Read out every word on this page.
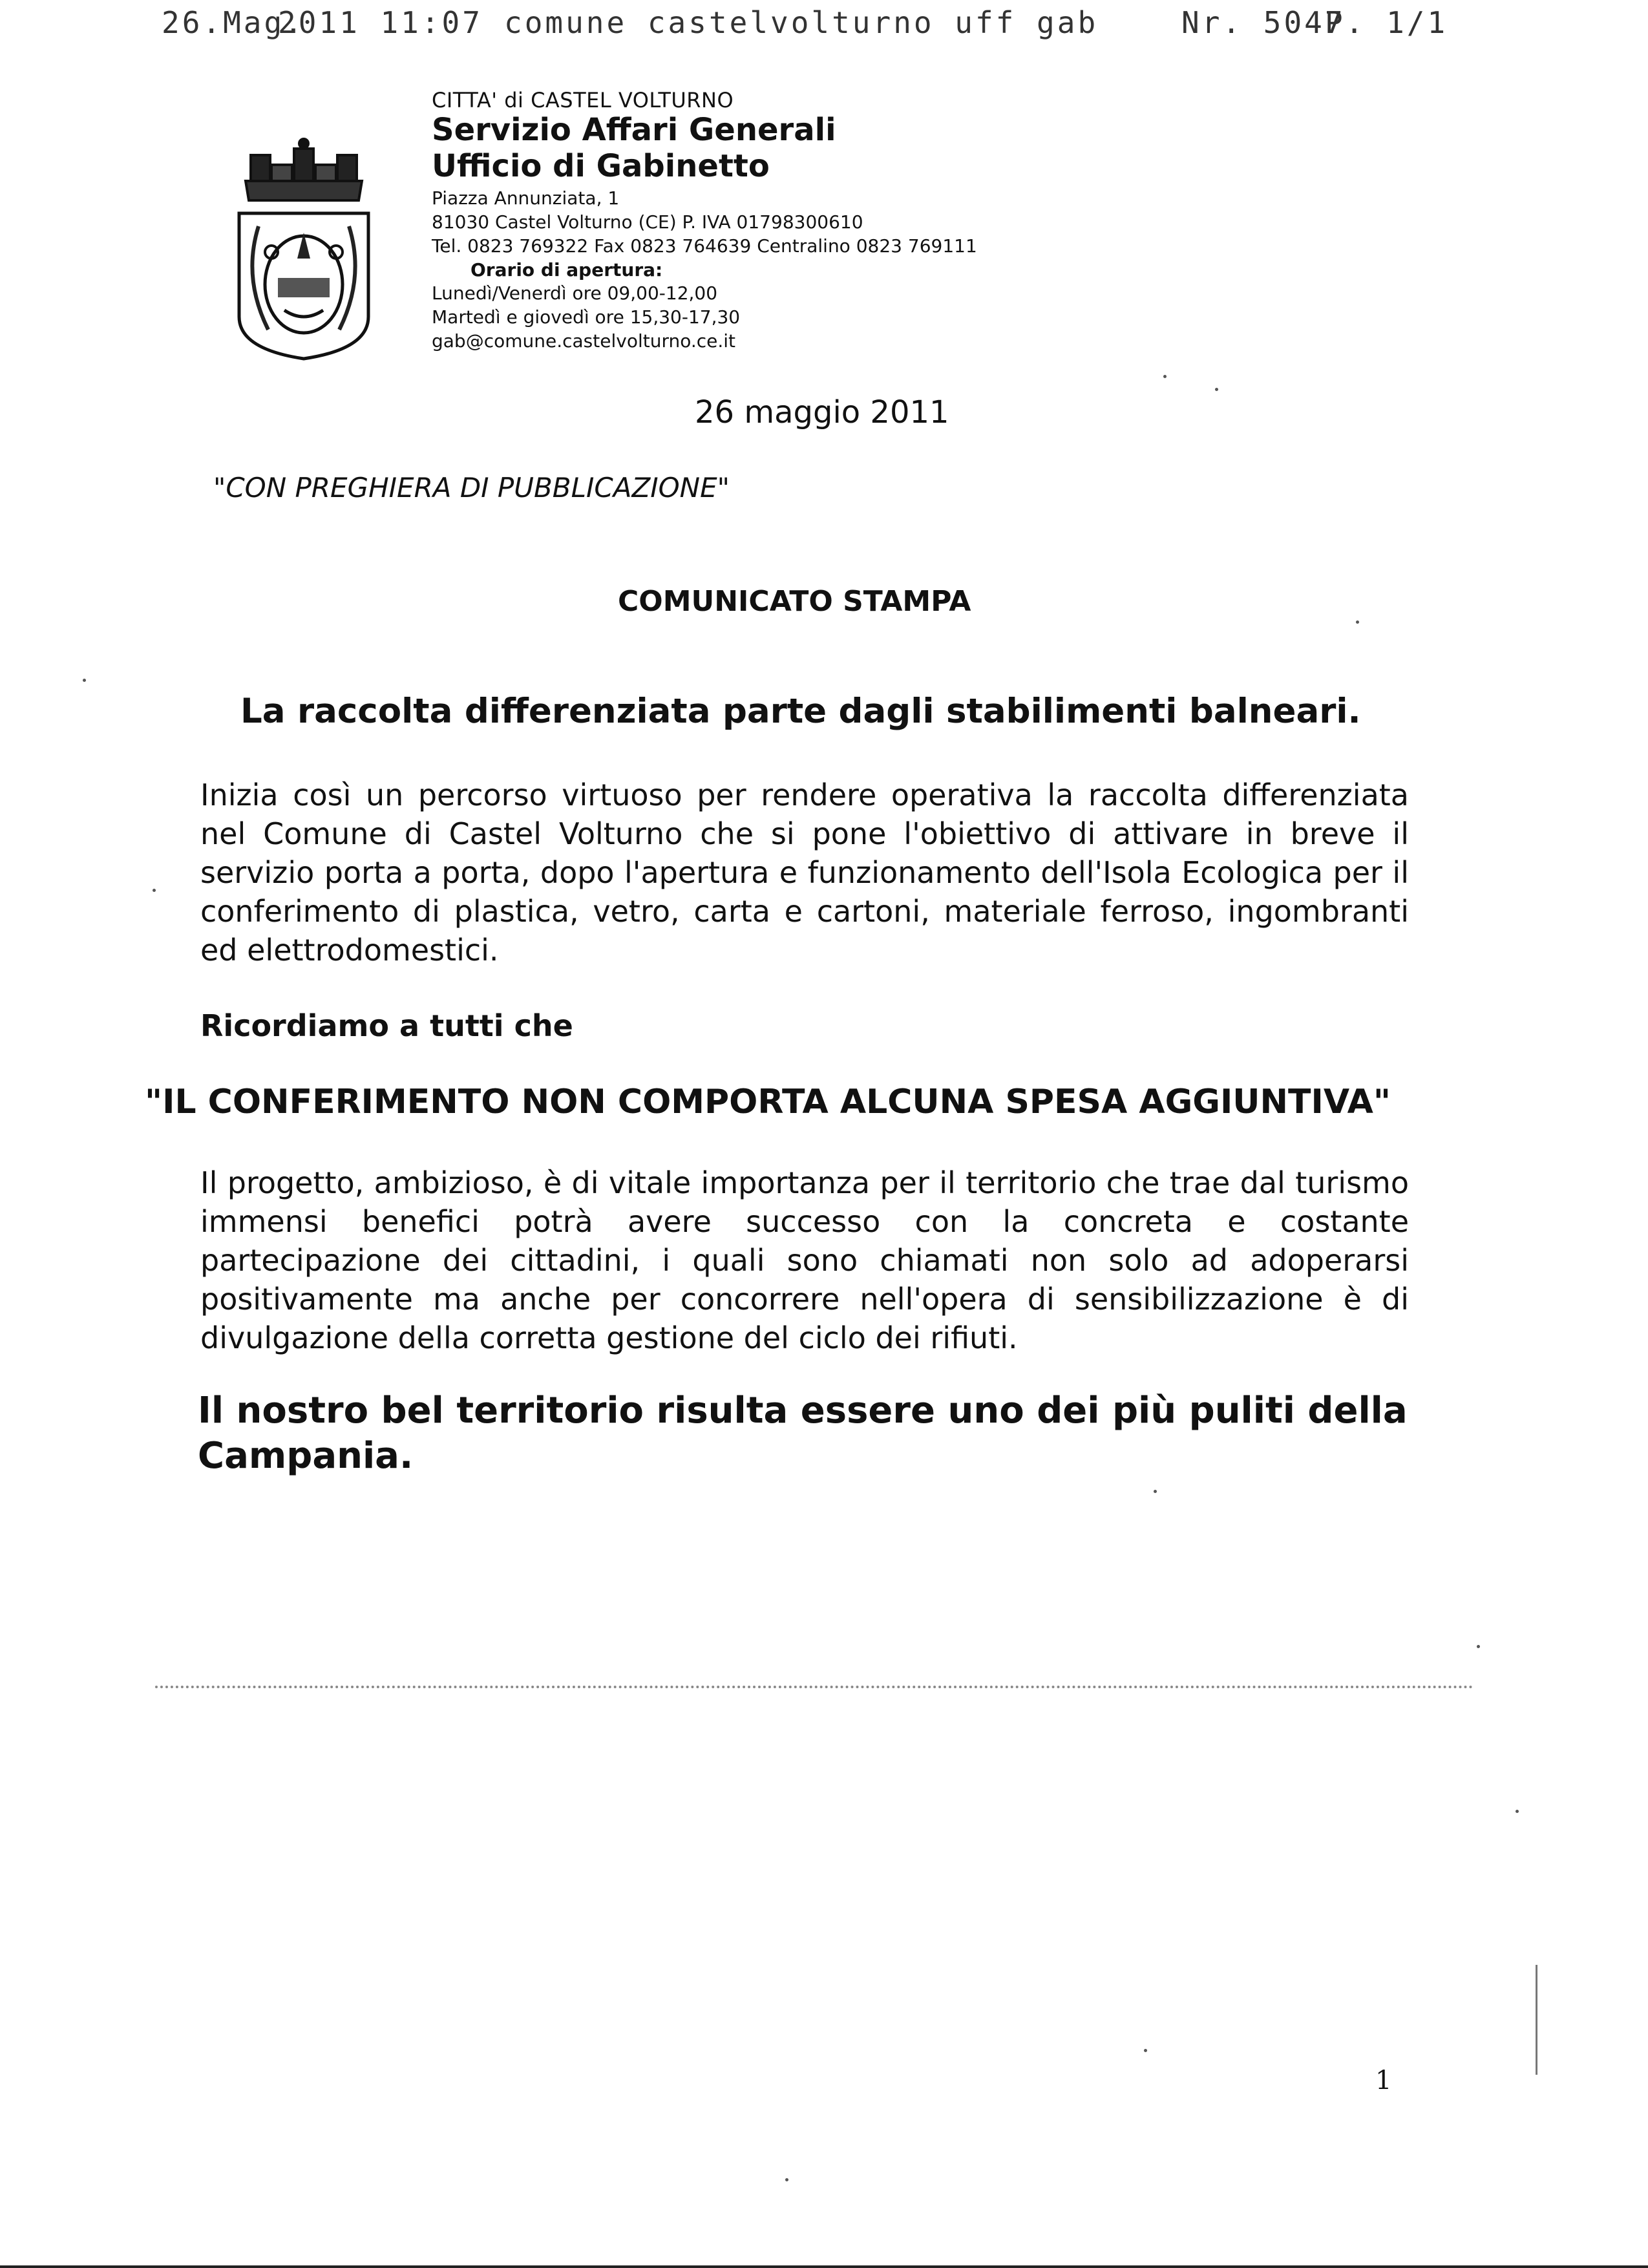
26.Mag.
2011 11:07 comune castelvolturno uff gab	Nr. 5047
P. 1/1
CITTA' di CASTEL VOLTURNO
Servizio Affari Generali
Ufficio di Gabinetto
Piazza Annunziata, 1
81030 Castel Volturno (CE) P. IVA 01798300610
Tel. 0823 769322 Fax 0823 764639 Centralino 0823 769111
Orario di apertura:
Lunedì/Venerdì ore 09,00-12,00
Martedì e giovedì ore 15,30-17,30
gab@comune.castelvolturno.ce.it
26 maggio 2011
"CON PREGHIERA DI PUBBLICAZIONE"
COMUNICATO STAMPA
La raccolta differenziata parte dagli stabilimenti balneari.
Inizia così un percorso virtuoso per rendere operativa la raccolta differenziata nel Comune di Castel Volturno che si pone l'obiettivo di attivare in breve il servizio porta a porta, dopo l'apertura e funzionamento dell'Isola Ecologica per il conferimento di plastica, vetro, carta e cartoni, materiale ferroso, ingombranti ed elettrodomestici.
Ricordiamo a tutti che
"IL CONFERIMENTO NON COMPORTA ALCUNA SPESA AGGIUNTIVA"
Il progetto, ambizioso, è di vitale importanza per il territorio che trae dal turismo immensi benefici potrà avere successo con la concreta e costante partecipazione dei cittadini, i quali sono chiamati non solo ad adoperarsi positivamente ma anche per concorrere nell'opera di sensibilizzazione è di divulgazione della corretta gestione del ciclo dei rifiuti.
Il nostro bel territorio risulta essere uno dei più puliti della Campania.
1
